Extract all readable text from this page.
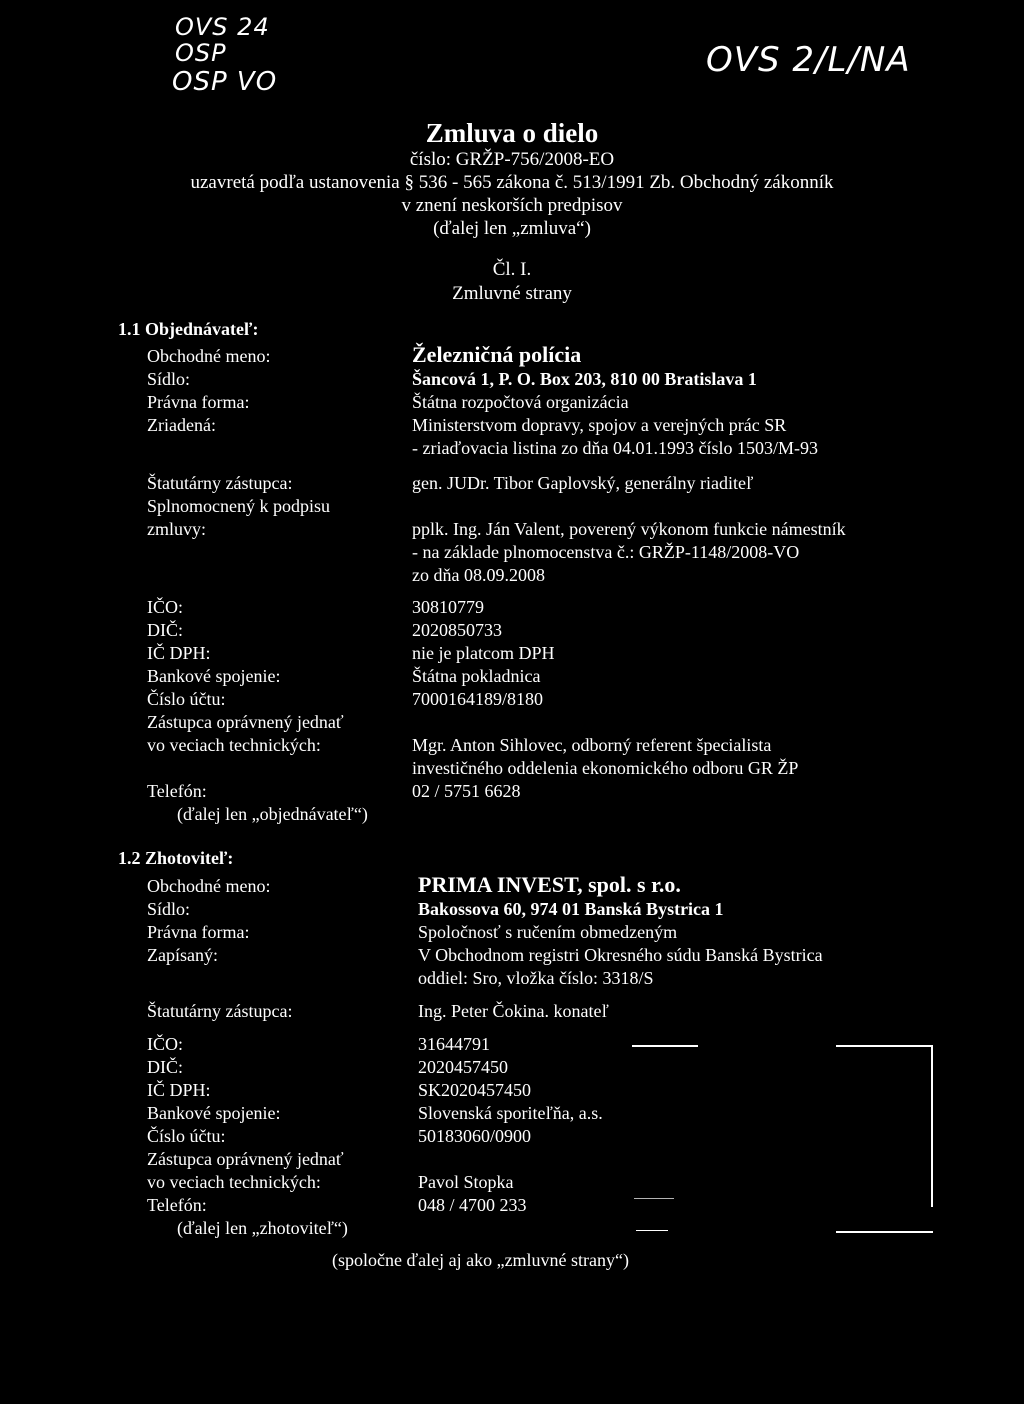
OVS 24
OSP
OSP VO
OVS 2/L/NA
Zmluva o dielo
číslo: GRŽP-756/2008-EO
uzavretá podľa ustanovenia § 536 - 565 zákona č. 513/1991 Zb. Obchodný zákonník
v znení neskorších predpisov
(ďalej len „zmluva“)
Čl. I.
Zmluvné strany
1.1 Objednávateľ:
Obchodné meno:	Železničná polícia
Sídlo:	Šancová 1, P. O. Box 203, 810 00 Bratislava 1
Právna forma:	Štátna rozpočtová organizácia
Zriadená:	Ministerstvom dopravy, spojov a verejných prác SR
- zriaďovacia listina zo dňa 04.01.1993 číslo 1503/M-93
Štatutárny zástupca:	gen. JUDr. Tibor Gaplovský, generálny riaditeľ
Splnomocnený k podpisu
zmluvy:	pplk. Ing. Ján Valent, poverený výkonom funkcie námestník
- na základe plnomocenstva č.: GRŽP-1148/2008-VO
zo dňa 08.09.2008
IČO:	30810779
DIČ:	2020850733
IČ DPH:	nie je platcom DPH
Bankové spojenie:	Štátna pokladnica
Číslo účtu:	7000164189/8180
Zástupca oprávnený jednať
vo veciach technických:	Mgr. Anton Sihlovec, odborný referent špecialista
investičného oddelenia ekonomického odboru GR ŽP
Telefón:	02 / 5751 6628
(ďalej len „objednávateľ“)
1.2 Zhotoviteľ:
Obchodné meno:	PRIMA INVEST, spol. s r.o.
Sídlo:	Bakossova 60, 974 01 Banská Bystrica 1
Právna forma:	Spoločnosť s ručením obmedzeným
Zapísaný:	V Obchodnom registri Okresného súdu Banská Bystrica
oddiel: Sro, vložka číslo: 3318/S
Štatutárny zástupca:	Ing. Peter Čokina. konateľ
IČO:	31644791
DIČ:	2020457450
IČ DPH:	SK2020457450
Bankové spojenie:	Slovenská sporiteľňa, a.s.
Číslo účtu:	50183060/0900
Zástupca oprávnený jednať
vo veciach technických:	Pavol Stopka
Telefón:	048 / 4700 233
(ďalej len „zhotoviteľ“)
(spoločne ďalej aj ako „zmluvné strany“)
